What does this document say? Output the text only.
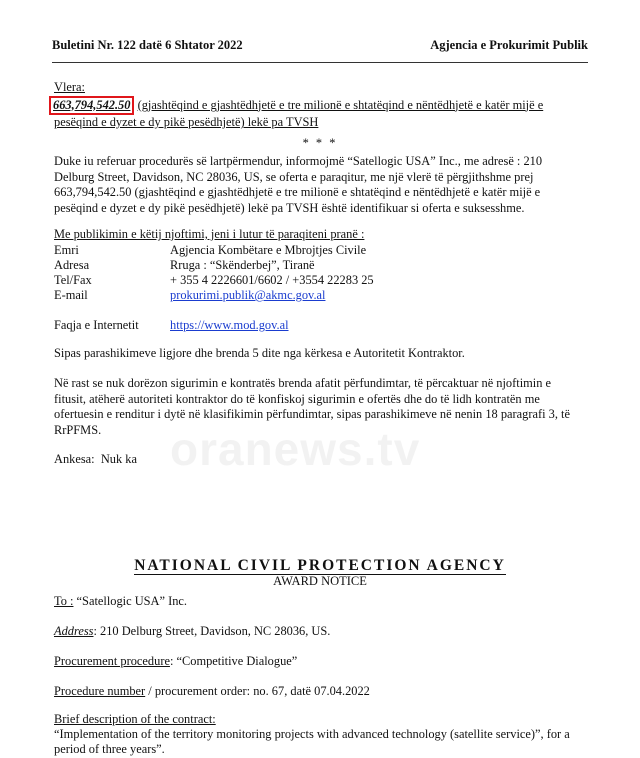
Buletini Nr. 122 datë 6 Shtator 2022	Agjencia e Prokurimit Publik
Vlera:
663,794,542.50 (gjashtëqind e gjashtëdhjetë e tre milionë e shtatëqind e nëntëdhjetë e katër mijë e pesëqind e dyzet e dy pikë pesëdhjetë) lekë pa TVSH
* * *
Duke iu referuar procedurës së lartpërmendur, informojmë “Satellogic USA” Inc., me adresë : 210 Delburg Street, Davidson, NC 28036, US, se oferta e paraqitur, me një vlerë të përgjithshme prej 663,794,542.50 (gjashtëqind e gjashtëdhjetë e tre milionë e shtatëqind e nëntëdhjetë e katër mijë e pesëqind e dyzet e dy pikë pesëdhjetë) lekë pa TVSH është identifikuar si oferta e suksesshme.
Me publikimin e këtij njoftimi, jeni i lutur të paraqiteni pranë :
Emri	Agjencia Kombëtare e Mbrojtjes Civile
Adresa	Rruga : “Skënderbej”, Tiranë
Tel/Fax	+ 355 4 2226601/6602 / +3554 22283 25
E-mail	prokurimi.publik@akmc.gov.al
Faqja e Internetit	https://www.mod.gov.al
Sipas parashikimeve ligjore dhe brenda 5 dite nga kërkesa e Autoritetit Kontraktor.
Në rast se nuk dorëzon sigurimin e kontratës brenda afatit përfundimtar, të përcaktuar në njoftimin e fitusit, atëherë autoriteti kontraktor do të konfiskoj sigurimin e ofertës dhe do të lidh kontratën me ofertuesin e renditur i dytë në klasifikimin përfundimtar, sipas parashikimeve në nenin 18 paragrafi 3, të RrPFMS.	oranews.tv
Ankesa: Nuk ka
NATIONAL CIVIL PROTECTION AGENCY
AWARD NOTICE
To : “Satellogic USA” Inc.
Address: 210 Delburg Street, Davidson, NC 28036, US.
Procurement procedure: “Competitive Dialogue”
Procedure number / procurement order: no. 67, datë 07.04.2022
Brief description of the contract:
“Implementation of the territory monitoring projects with advanced technology (satellite service)”, for a period of three years”.
